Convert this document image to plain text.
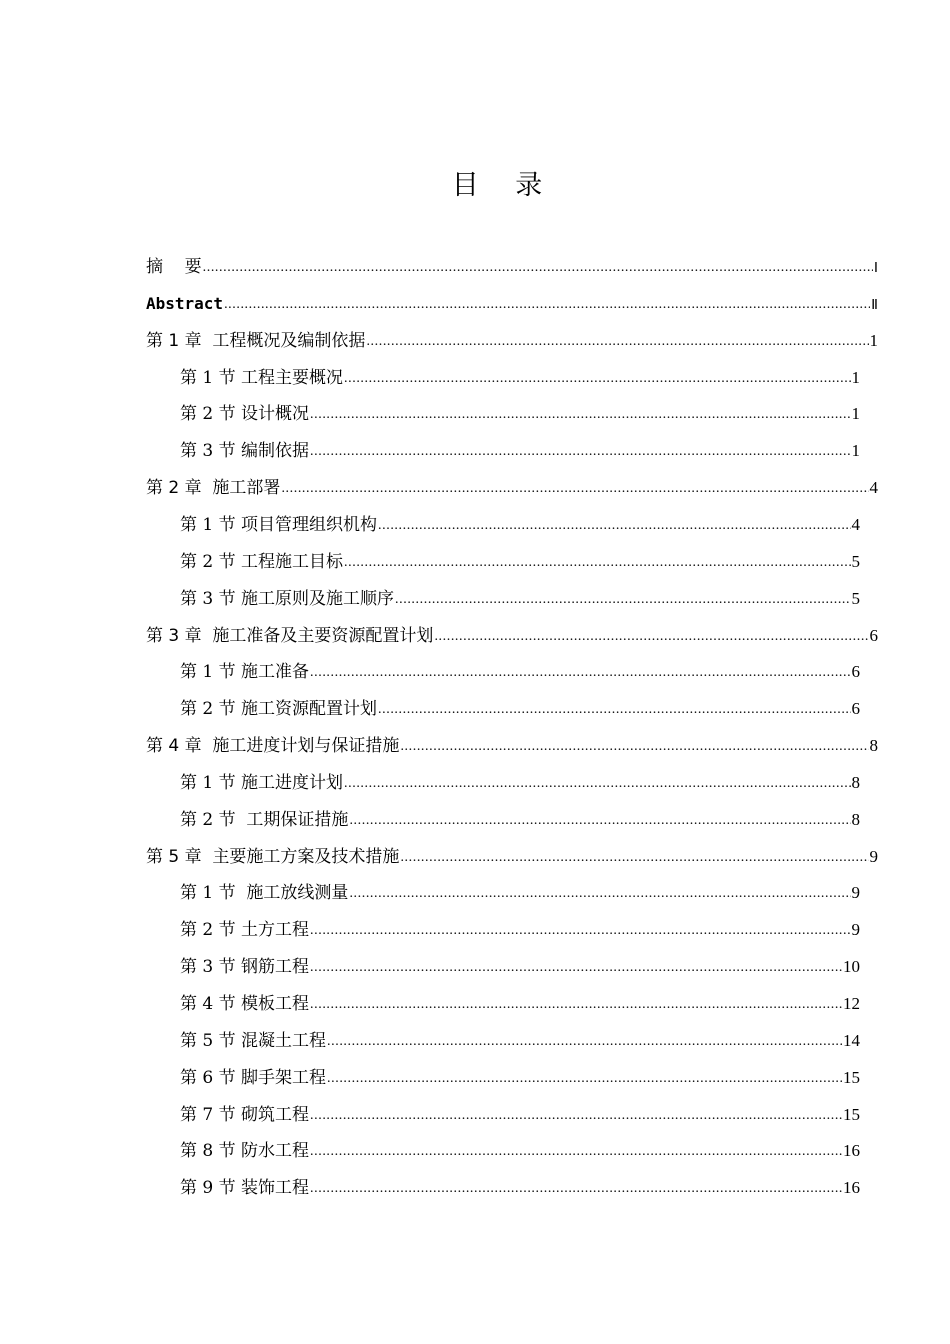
目 录
摘    要 .....	Ⅰ
Abstract .....	Ⅱ
第 1 章  工程概况及编制依据 .....	1
第 1 节 工程主要概况 .....	1
第 2 节 设计概况 .....	1
第 3 节 编制依据 .....	1
第 2 章  施工部署 .....	4
第 1 节 项目管理组织机构 .....	4
第 2 节 工程施工目标 .....	5
第 3 节 施工原则及施工顺序 .....	5
第 3 章  施工准备及主要资源配置计划 .....	6
第 1 节 施工准备 .....	6
第 2 节 施工资源配置计划 .....	6
第 4 章  施工进度计划与保证措施 .....	8
第 1 节 施工进度计划 .....	8
第 2 节  工期保证措施 .....	8
第 5 章  主要施工方案及技术措施 .....	9
第 1 节  施工放线测量 .....	9
第 2 节 土方工程 .....	9
第 3 节 钢筋工程 .....	10
第 4 节 模板工程 .....	12
第 5 节 混凝土工程 .....	14
第 6 节 脚手架工程 .....	15
第 7 节 砌筑工程 .....	15
第 8 节 防水工程 .....	16
第 9 节 装饰工程 .....	16
